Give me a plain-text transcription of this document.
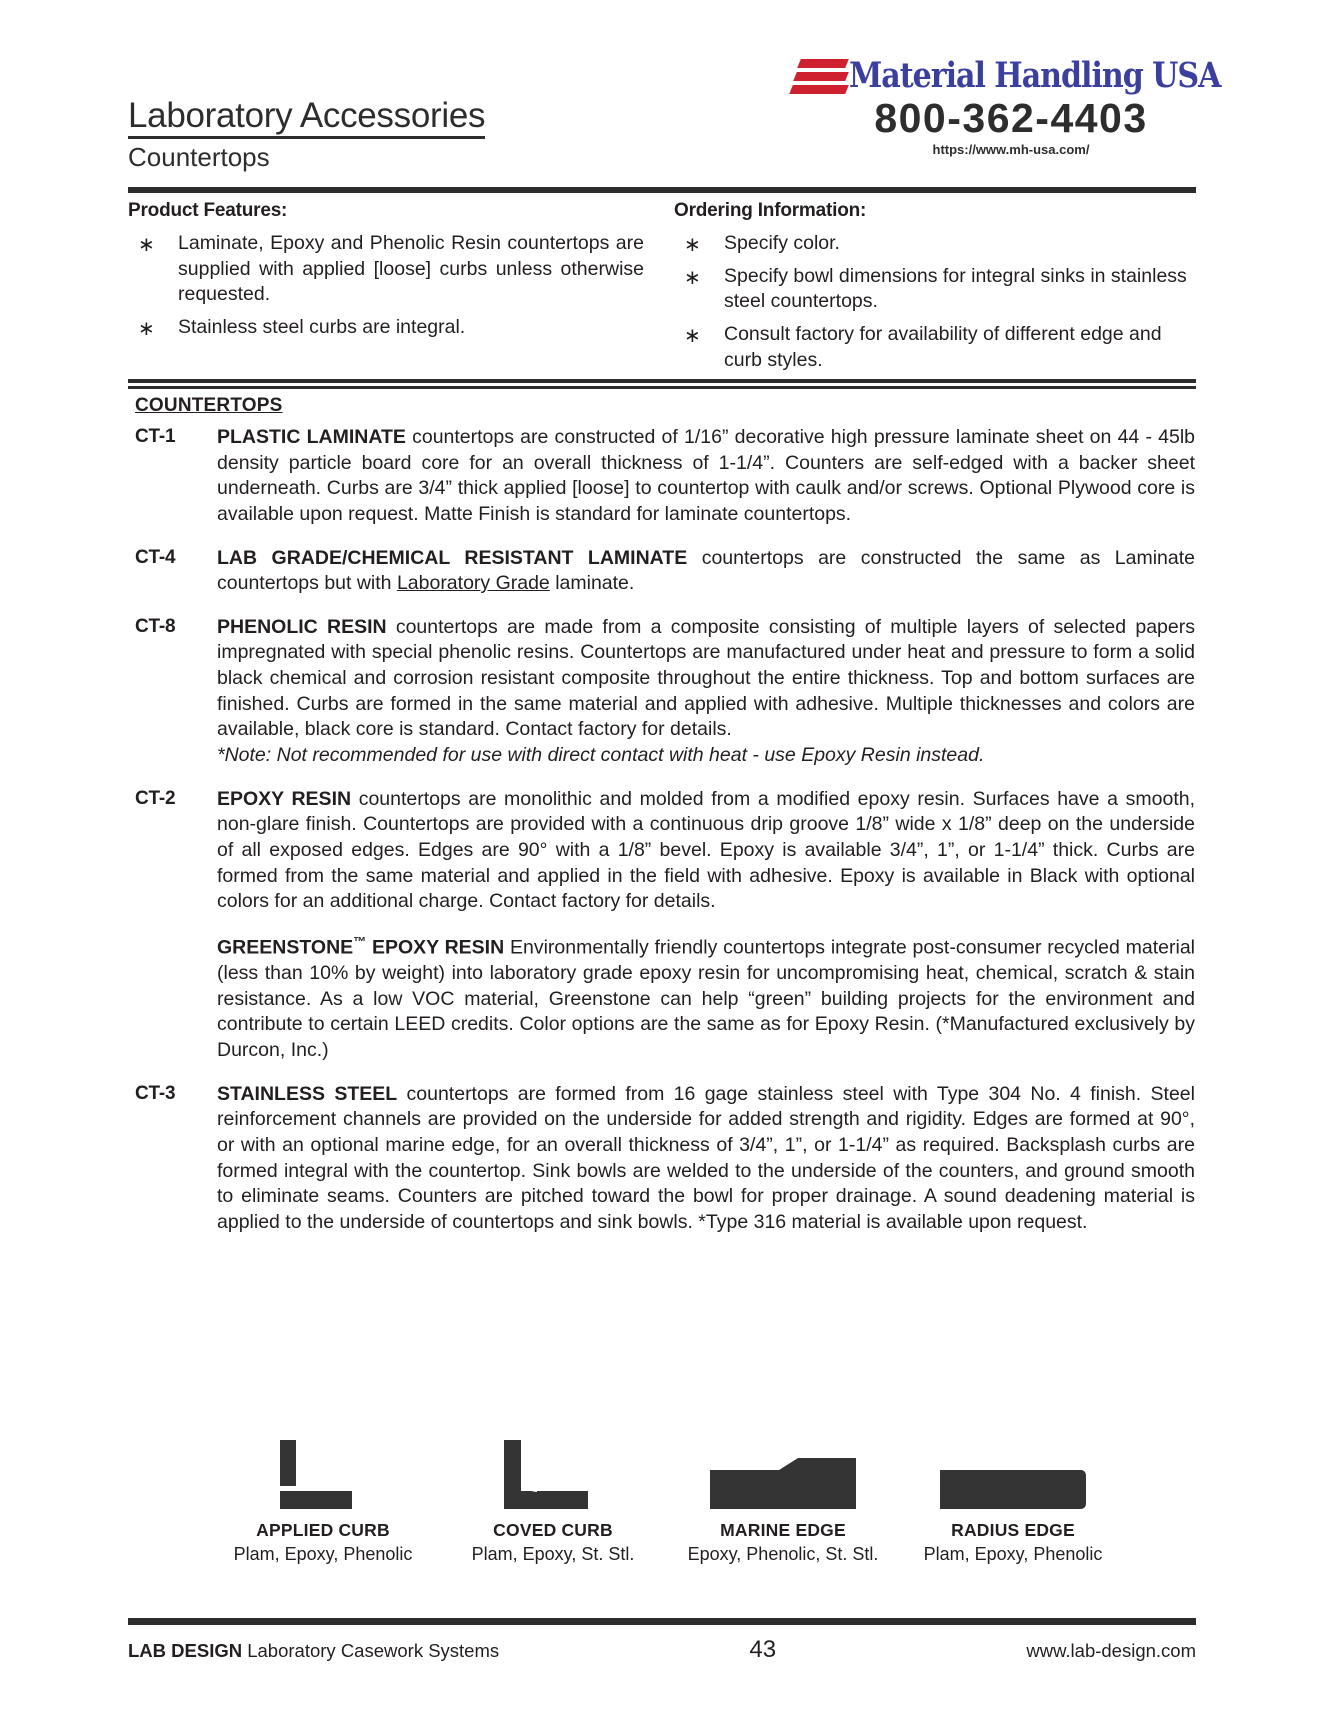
Laboratory Accessories
Countertops
Material Handling USA
800-362-4403
https://www.mh-usa.com/
Product Features:
∗ Laminate, Epoxy and Phenolic Resin countertops are supplied with applied [loose] curbs unless otherwise requested.
∗ Stainless steel curbs are integral.
Ordering Information:
∗ Specify color.
∗ Specify bowl dimensions for integral sinks in stainless steel countertops.
∗ Consult factory for availability of different edge and curb styles.
COUNTERTOPS
CT-1	PLASTIC LAMINATE countertops are constructed of 1/16” decorative high pressure laminate sheet on 44 - 45lb density particle board core for an overall thickness of 1-1/4”. Counters are self-edged with a backer sheet underneath. Curbs are 3/4” thick applied [loose] to countertop with caulk and/or screws. Optional Plywood core is available upon request. Matte Finish is standard for laminate countertops.
CT-4	LAB GRADE/CHEMICAL RESISTANT LAMINATE countertops are constructed the same as Laminate countertops but with Laboratory Grade laminate.
CT-8	PHENOLIC RESIN countertops are made from a composite consisting of multiple layers of selected papers impregnated with special phenolic resins. Countertops are manufactured under heat and pressure to form a solid black chemical and corrosion resistant composite throughout the entire thickness. Top and bottom surfaces are finished. Curbs are formed in the same material and applied with adhesive. Multiple thicknesses and colors are available, black core is standard. Contact factory for details.
*Note: Not recommended for use with direct contact with heat - use Epoxy Resin instead.
CT-2	EPOXY RESIN countertops are monolithic and molded from a modified epoxy resin. Surfaces have a smooth, non-glare finish. Countertops are provided with a continuous drip groove 1/8” wide x 1/8” deep on the underside of all exposed edges. Edges are 90° with a 1/8” bevel. Epoxy is available 3/4”, 1”, or 1-1/4” thick. Curbs are formed from the same material and applied in the field with adhesive. Epoxy is available in Black with optional colors for an additional charge. Contact factory for details.

GREENSTONE™ EPOXY RESIN Environmentally friendly countertops integrate post-consumer recycled material (less than 10% by weight) into laboratory grade epoxy resin for uncompromising heat, chemical, scratch & stain resistance. As a low VOC material, Greenstone can help “green” building projects for the environment and contribute to certain LEED credits. Color options are the same as for Epoxy Resin. (*Manufactured exclusively by Durcon, Inc.)

CT-3	STAINLESS STEEL countertops are formed from 16 gage stainless steel with Type 304 No. 4 finish. Steel reinforcement channels are provided on the underside for added strength and rigidity. Edges are formed at 90°, or with an optional marine edge, for an overall thickness of 3/4”, 1”, or 1-1/4” as required. Backsplash curbs are formed integral with the countertop. Sink bowls are welded to the underside of the counters, and ground smooth to eliminate seams. Counters are pitched toward the bowl for proper drainage. A sound deadening material is applied to the underside of countertops and sink bowls. *Type 316 material is available upon request.
APPLIED CURB
Plam, Epoxy, Phenolic
COVED CURB
Plam, Epoxy, St. Stl.
MARINE EDGE
Epoxy, Phenolic, St. Stl.
RADIUS EDGE
Plam, Epoxy, Phenolic
LAB DESIGN Laboratory Casework Systems	43	www.lab-design.com
